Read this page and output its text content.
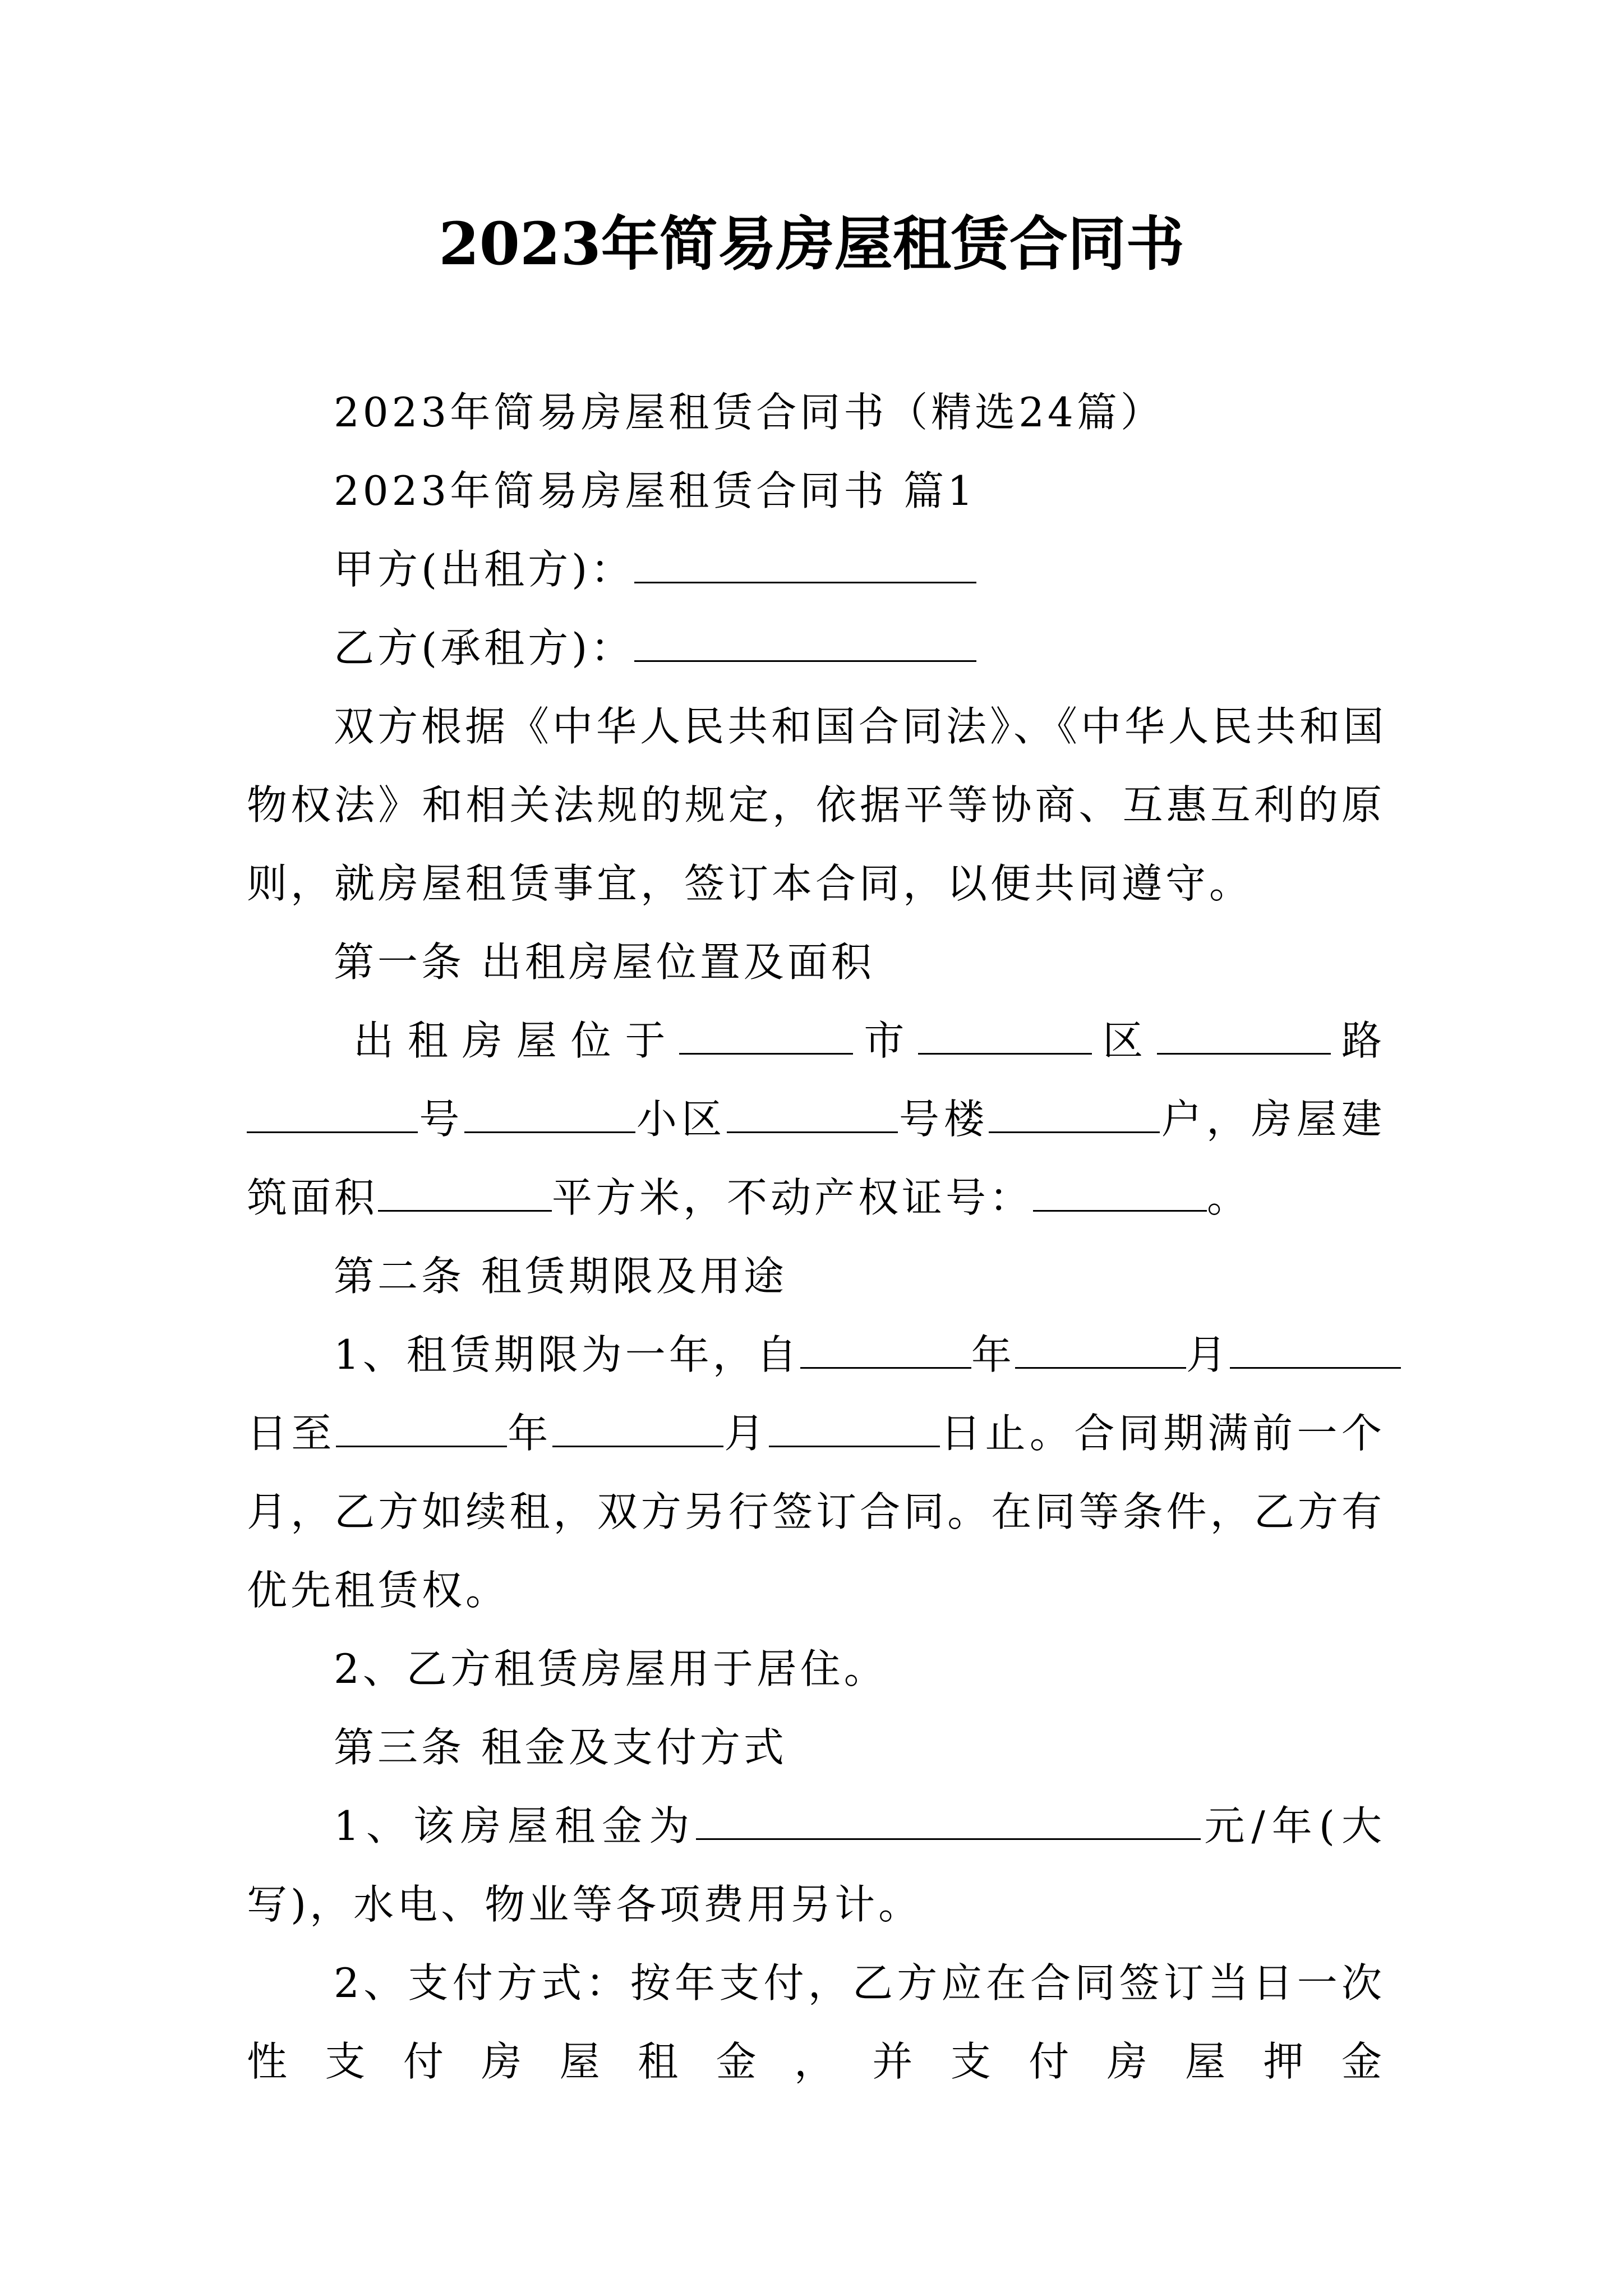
2023年简易房屋租赁合同书
2023年简易房屋租赁合同书（精选24篇）
2023年简易房屋租赁合同书 篇1
甲方(出租方)：
乙方(承租方)：
双方根据《中华人民共和国合同法》、《中华人民共和国
物权法》和相关法规的规定，依据平等协商、互惠互利的原
则，就房屋租赁事宜，签订本合同，以便共同遵守。
第一条 出租房屋位置及面积
出租房屋位于	市	区	路
号	小区	号楼	户，房屋建
筑面积	平方米，不动产权证号：	。
第二条 租赁期限及用途
1、租赁期限为一年，自	年	月
日至	年	月	日止。合同期满前一个
月，乙方如续租，双方另行签订合同。在同等条件，乙方有
优先租赁权。
2、乙方租赁房屋用于居住。
第三条 租金及支付方式
1、该房屋租金为	元/年(大
写)，水电、物业等各项费用另计。
2、支付方式：按年支付，乙方应在合同签订当日一次
性支付房屋租金，并支付房屋押金
